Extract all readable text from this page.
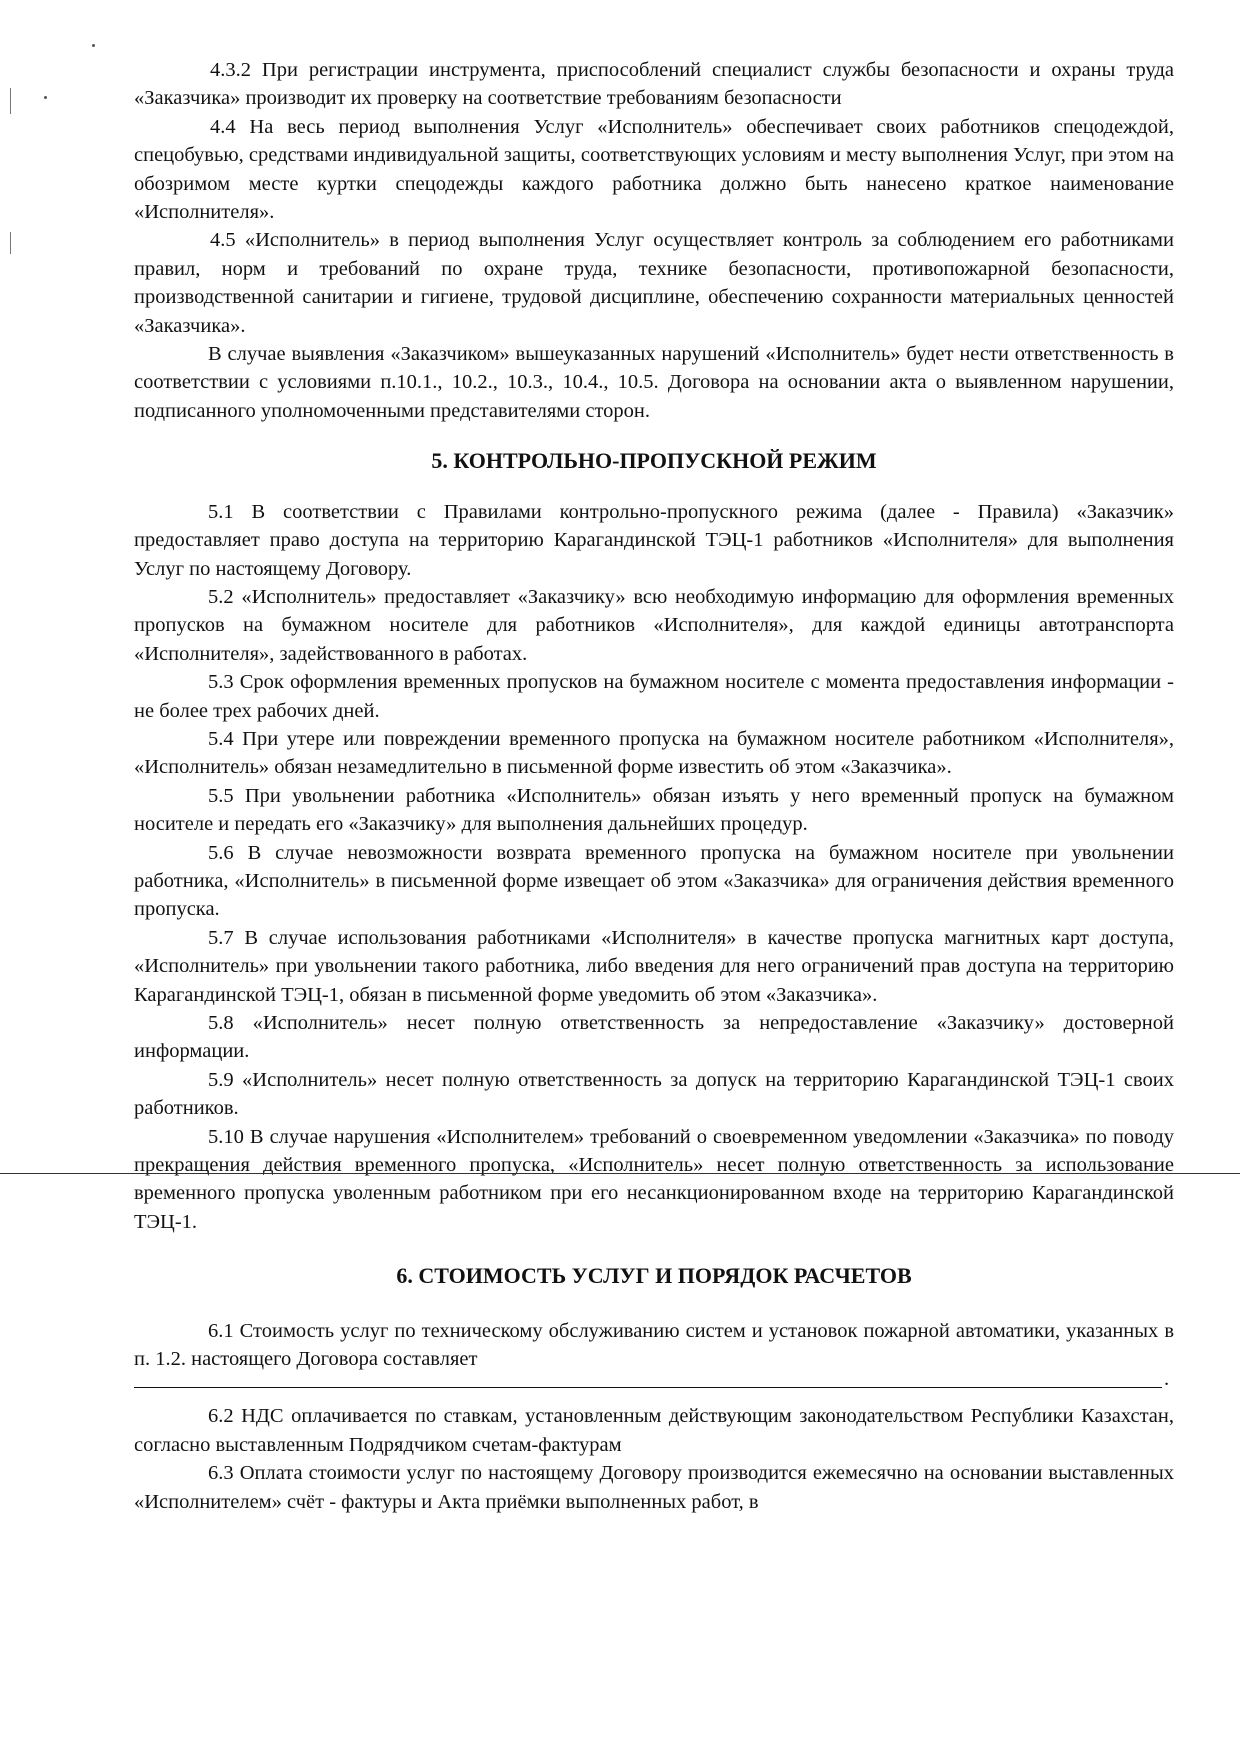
4.3.2 При регистрации инструмента, приспособлений специалист службы безопасности и охраны труда «Заказчика» производит их проверку на соответствие требованиям безопасности

4.4 На весь период выполнения Услуг «Исполнитель» обеспечивает своих работников спецодеждой, спецобувью, средствами индивидуальной защиты, соответствующих условиям и месту выполнения Услуг, при этом на обозримом месте куртки спецодежды каждого работника должно быть нанесено краткое наименование «Исполнителя».

4.5 «Исполнитель» в период выполнения Услуг осуществляет контроль за соблюдением его работниками правил, норм и требований по охране труда, технике безопасности, противопожарной безопасности, производственной санитарии и гигиене, трудовой дисциплине, обеспечению сохранности материальных ценностей «Заказчика».

В случае выявления «Заказчиком» вышеуказанных нарушений «Исполнитель» будет нести ответственность в соответствии с условиями п.10.1., 10.2., 10.3., 10.4., 10.5. Договора на основании акта о выявленном нарушении, подписанного уполномоченными представителями сторон.

5. КОНТРОЛЬНО-ПРОПУСКНОЙ РЕЖИМ

5.1 В соответствии с Правилами контрольно-пропускного режима (далее - Правила) «Заказчик» предоставляет право доступа на территорию Карагандинской ТЭЦ-1 работников «Исполнителя» для выполнения Услуг по настоящему Договору.

5.2 «Исполнитель» предоставляет «Заказчику» всю необходимую информацию для оформления временных пропусков на бумажном носителе для работников «Исполнителя», для каждой единицы автотранспорта «Исполнителя», задействованного в работах.

5.3 Срок оформления временных пропусков на бумажном носителе с момента предоставления информации - не более трех рабочих дней.

5.4 При утере или повреждении временного пропуска на бумажном носителе работником «Исполнителя», «Исполнитель» обязан незамедлительно в письменной форме известить об этом «Заказчика».

5.5 При увольнении работника «Исполнитель» обязан изъять у него временный пропуск на бумажном носителе и передать его «Заказчику» для выполнения дальнейших процедур.

5.6 В случае невозможности возврата временного пропуска на бумажном носителе при увольнении работника, «Исполнитель» в письменной форме извещает об этом «Заказчика» для ограничения действия временного пропуска.

5.7 В случае использования работниками «Исполнителя» в качестве пропуска магнитных карт доступа, «Исполнитель» при увольнении такого работника, либо введения для него ограничений прав доступа на территорию Карагандинской ТЭЦ-1, обязан в письменной форме уведомить об этом «Заказчика».

5.8 «Исполнитель» несет полную ответственность за непредоставление «Заказчику» достоверной информации.

5.9 «Исполнитель» несет полную ответственность за допуск на территорию Карагандинской ТЭЦ-1 своих работников.

5.10 В случае нарушения «Исполнителем» требований о своевременном уведомлении «Заказчика» по поводу прекращения действия временного пропуска, «Исполнитель» несет полную ответственность за использование временного пропуска уволенным работником при его несанкционированном входе на территорию Карагандинской ТЭЦ-1.

6. СТОИМОСТЬ УСЛУГ И ПОРЯДОК РАСЧЕТОВ

6.1 Стоимость услуг по техническому обслуживанию систем и установок пожарной автоматики, указанных в п. 1.2. настоящего Договора составляет

.

6.2 НДС оплачивается по ставкам, установленным действующим законодательством Республики Казахстан, согласно выставленным Подрядчиком счетам-фактурам

6.3 Оплата стоимости услуг по настоящему Договору производится ежемесячно на основании выставленных «Исполнителем» счёт - фактуры и Акта приёмки выполненных работ, в
